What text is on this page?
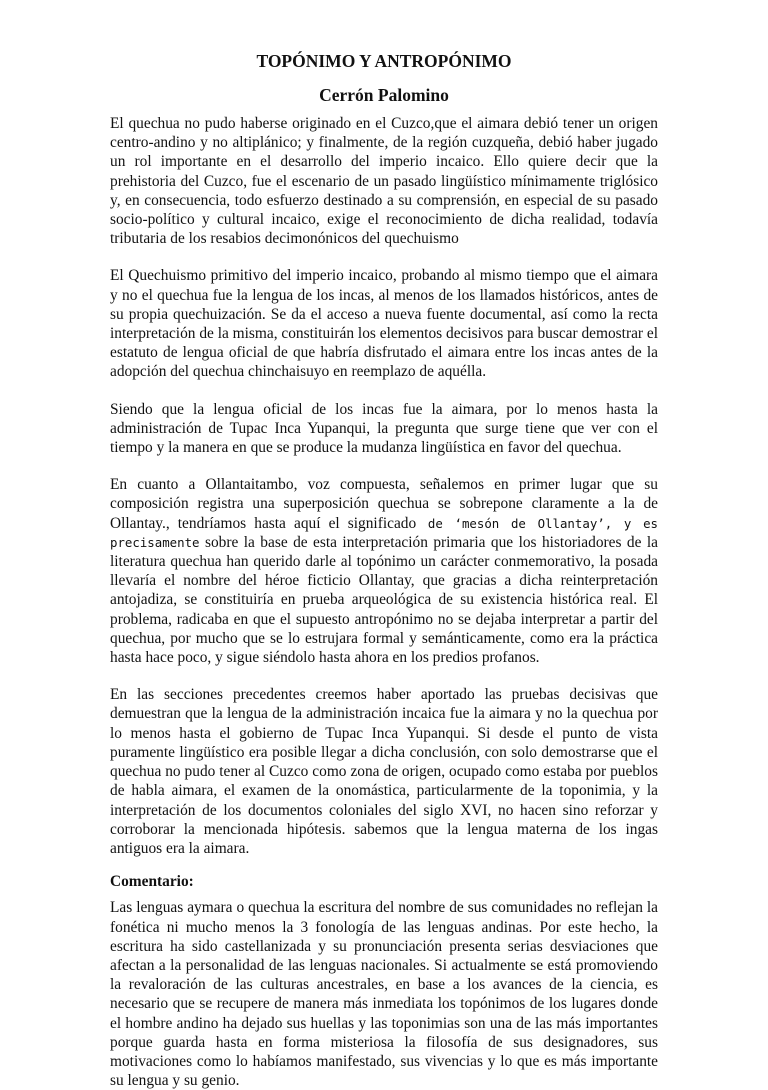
TOPÓNIMO Y ANTROPÓNIMO
Cerrón Palomino

El quechua no pudo haberse originado en el Cuzco,que el aimara debió tener un origen centro-andino y no altiplánico; y finalmente, de la región cuzqueña, debió haber jugado un rol importante en el desarrollo del imperio incaico. Ello quiere decir que la prehistoria del Cuzco, fue el escenario de un pasado lingüístico mínimamente triglósico y, en consecuencia, todo esfuerzo destinado a su comprensión, en especial de su pasado socio-político y cultural incaico, exige el reconocimiento de dicha realidad, todavía tributaria de los resabios decimonónicos del quechuismo

El Quechuismo primitivo del imperio incaico, probando al mismo tiempo que el aimara y no el quechua fue la lengua de los incas, al menos de los llamados históricos, antes de su propia quechuización. Se da el acceso a nueva fuente documental, así como la recta interpretación de la misma, constituirán los elementos decisivos para buscar demostrar el estatuto de lengua oficial de que habría disfrutado el aimara entre los incas antes de la adopción del quechua chinchaisuyo en reemplazo de aquélla.

Siendo que la lengua oficial de los incas fue la aimara, por lo menos hasta la administración de Tupac Inca Yupanqui, la pregunta que surge tiene que ver con el tiempo y la manera en que se produce la mudanza lingüística en favor del quechua.

En cuanto a Ollantaitambo, voz compuesta, señalemos en primer lugar que su composición registra una superposición quechua se sobrepone claramente a la de Ollantay., tendríamos hasta aquí el significado de ‘mesón de Ollantay’, y es precisamente sobre la base de esta interpretación primaria que los historiadores de la literatura quechua han querido darle al topónimo un carácter conmemorativo, la posada llevaría el nombre del héroe ficticio Ollantay, que gracias a dicha reinterpretación antojadiza, se constituiría en prueba arqueológica de su existencia histórica real. El problema, radicaba en que el supuesto antropónimo no se dejaba interpretar a partir del quechua, por mucho que se lo estrujara formal y semánticamente, como era la práctica hasta hace poco, y sigue siéndolo hasta ahora en los predios profanos.

En las secciones precedentes creemos haber aportado las pruebas decisivas que demuestran que la lengua de la administración incaica fue la aimara y no la quechua por lo menos hasta el gobierno de Tupac Inca Yupanqui. Si desde el punto de vista puramente lingüístico era posible llegar a dicha conclusión, con solo demostrarse que el quechua no pudo tener al Cuzco como zona de origen, ocupado como estaba por pueblos de habla aimara, el examen de la onomástica, particularmente de la toponimia, y la interpretación de los documentos coloniales del siglo XVI, no hacen sino reforzar y corroborar la mencionada hipótesis. sabemos que la lengua materna de los ingas antiguos era la aimara.

Comentario:

Las lenguas aymara o quechua la escritura del nombre de sus comunidades no reflejan la fonética ni mucho menos la 3 fonología de las lenguas andinas. Por este hecho, la escritura ha sido castellanizada y su pronunciación presenta serias desviaciones que afectan a la personalidad de las lenguas nacionales. Si actualmente se está promoviendo la revaloración de las culturas ancestrales, en base a los avances de la ciencia, es necesario que se recupere de manera más inmediata los topónimos de los lugares donde el hombre andino ha dejado sus huellas y las toponimias son una de las más importantes porque guarda hasta en forma misteriosa la filosofía de sus designadores, sus motivaciones como lo habíamos manifestado, sus vivencias y lo que es más importante su lengua y su genio.
